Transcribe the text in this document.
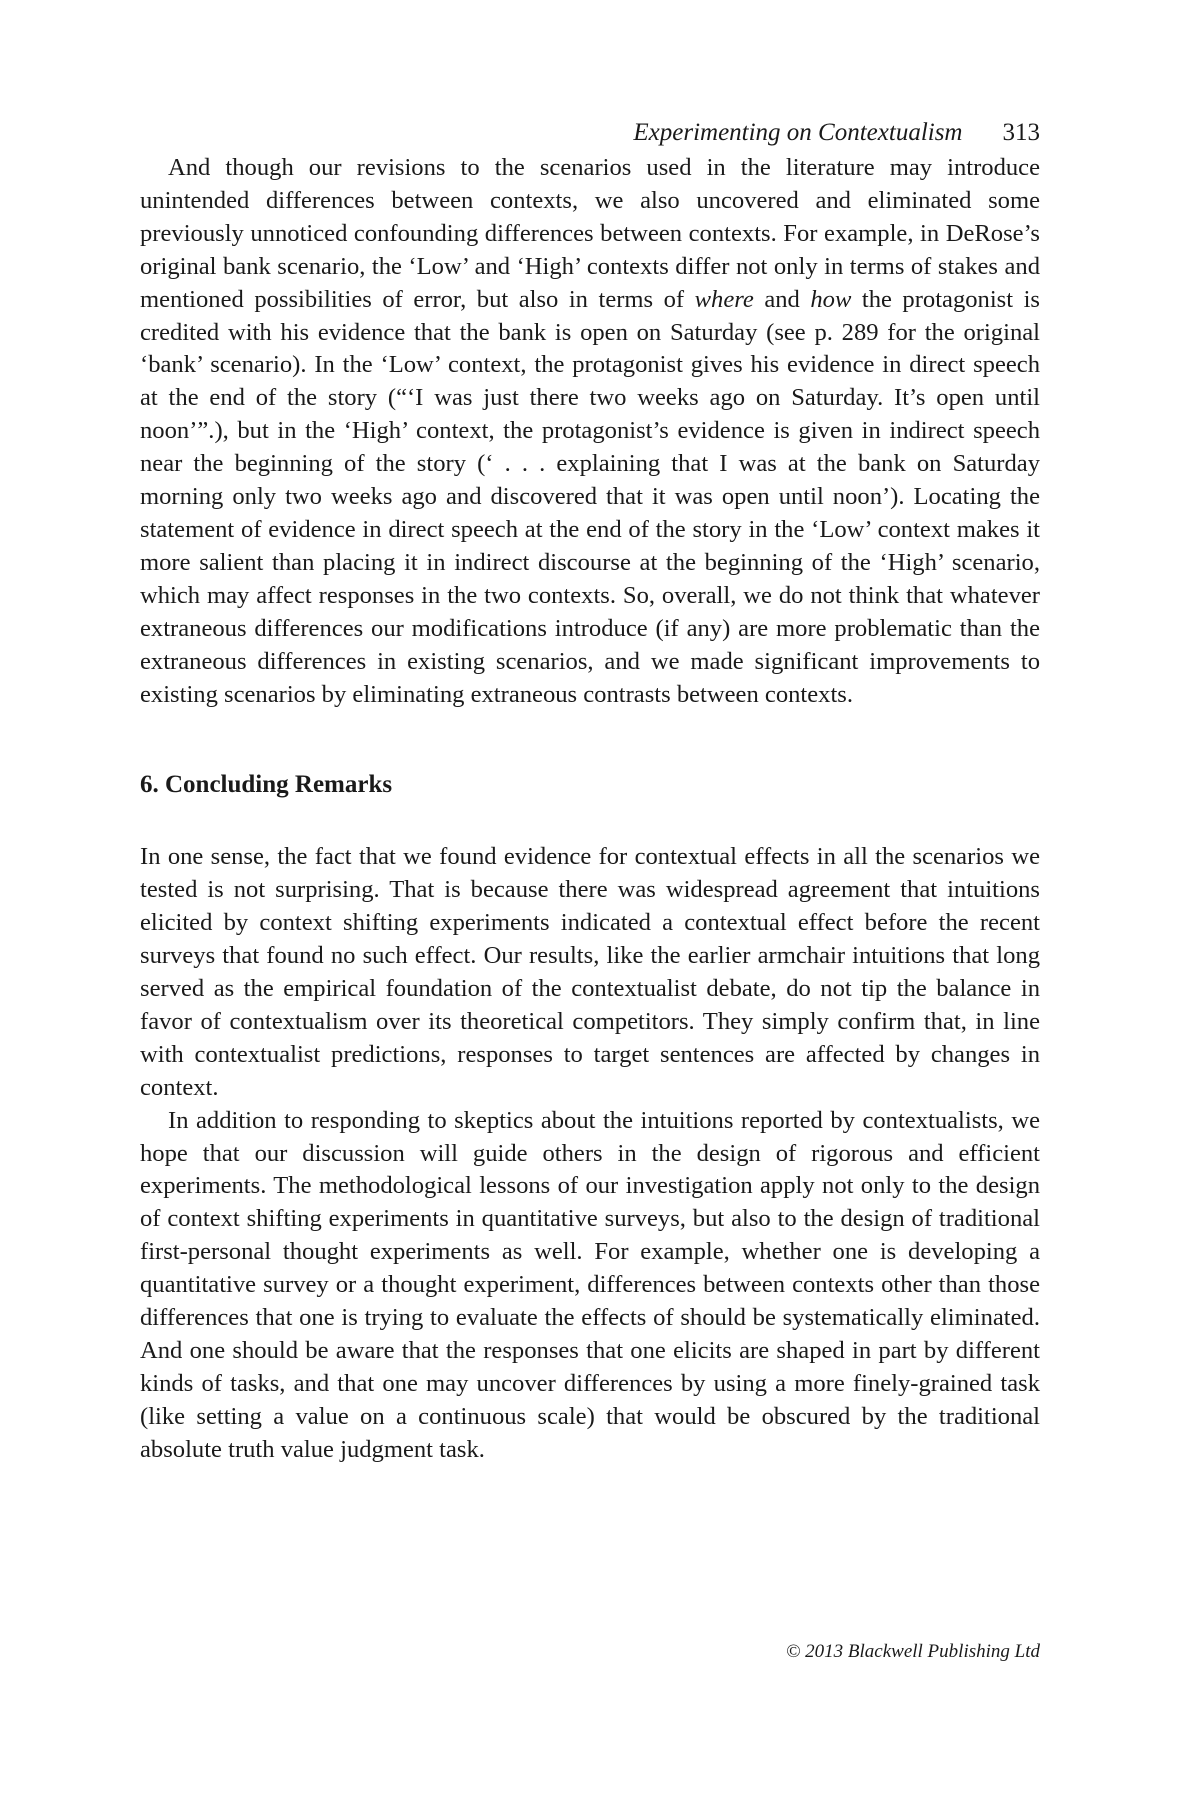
Experimenting on Contextualism 313

And though our revisions to the scenarios used in the literature may introduce unintended differences between contexts, we also uncovered and eliminated some previously unnoticed confounding differences between contexts. For example, in DeRose’s original bank scenario, the ‘Low’ and ‘High’ contexts differ not only in terms of stakes and mentioned possibilities of error, but also in terms of where and how the protagonist is credited with his evidence that the bank is open on Saturday (see p. 289 for the original ‘bank’ scenario). In the ‘Low’ context, the protagonist gives his evidence in direct speech at the end of the story (“‘I was just there two weeks ago on Saturday. It’s open until noon’”.), but in the ‘High’ context, the protagonist’s evidence is given in indirect speech near the beginning of the story (‘ . . . explaining that I was at the bank on Saturday morning only two weeks ago and discovered that it was open until noon’). Locating the statement of evidence in direct speech at the end of the story in the ‘Low’ context makes it more salient than placing it in indirect discourse at the beginning of the ‘High’ scenario, which may affect responses in the two contexts. So, overall, we do not think that whatever extraneous differences our modifications introduce (if any) are more problematic than the extraneous differences in existing scenarios, and we made significant improvements to existing scenarios by eliminating extraneous contrasts between contexts.

6. Concluding Remarks

In one sense, the fact that we found evidence for contextual effects in all the scenarios we tested is not surprising. That is because there was widespread agreement that intuitions elicited by context shifting experiments indicated a contextual effect before the recent surveys that found no such effect. Our results, like the earlier armchair intuitions that long served as the empirical foundation of the contextualist debate, do not tip the balance in favor of contextualism over its theoretical competitors. They simply confirm that, in line with contextualist predictions, responses to target sentences are affected by changes in context.

In addition to responding to skeptics about the intuitions reported by contextualists, we hope that our discussion will guide others in the design of rigorous and efficient experiments. The methodological lessons of our investigation apply not only to the design of context shifting experiments in quantitative surveys, but also to the design of traditional first-personal thought experiments as well. For example, whether one is developing a quantitative survey or a thought experiment, differences between contexts other than those differences that one is trying to evaluate the effects of should be systematically eliminated. And one should be aware that the responses that one elicits are shaped in part by different kinds of tasks, and that one may uncover differences by using a more finely-grained task (like setting a value on a continuous scale) that would be obscured by the traditional absolute truth value judgment task.

© 2013 Blackwell Publishing Ltd
